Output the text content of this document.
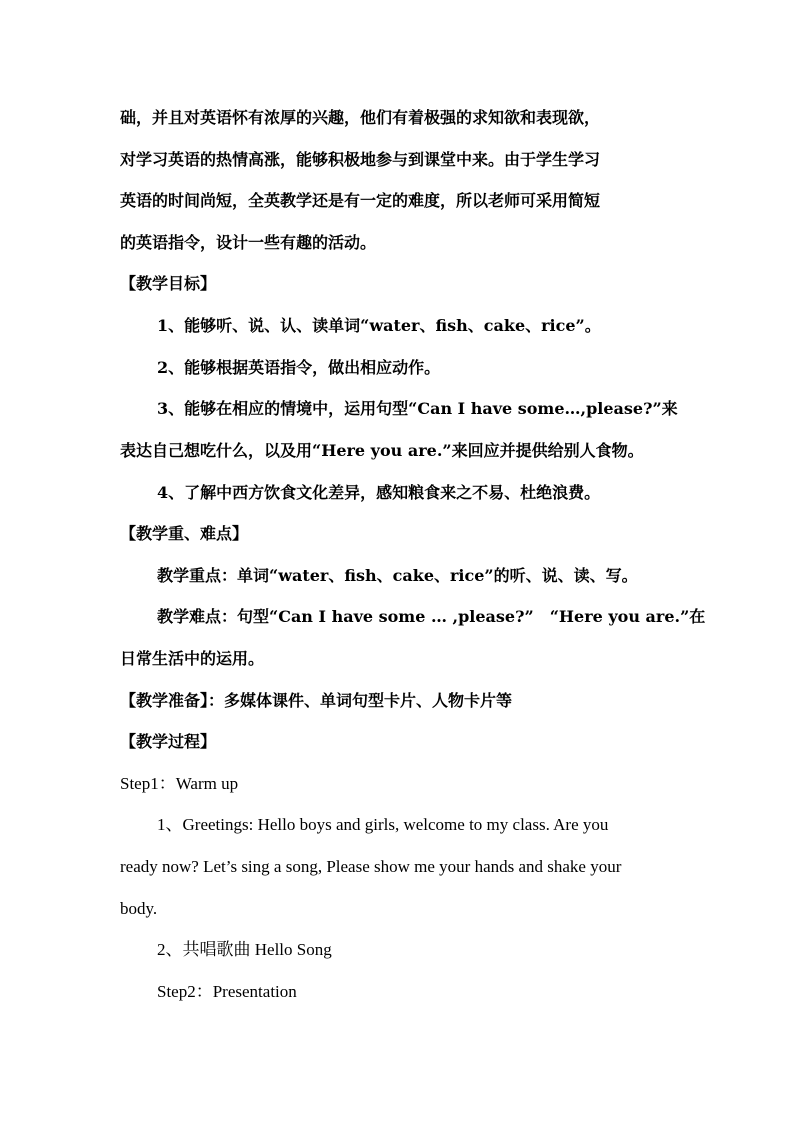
础，并且对英语怀有浓厚的兴趣，他们有着极强的求知欲和表现欲，
对学习英语的热情高涨，能够积极地参与到课堂中来。由于学生学习
英语的时间尚短，全英教学还是有一定的难度，所以老师可采用简短
的英语指令，设计一些有趣的活动。
【教学目标】
1、能够听、说、认、读单词“water、fish、cake、rice”。
2、能够根据英语指令，做出相应动作。
3、能够在相应的情境中，运用句型“Can I have some…,please?”来
表达自己想吃什么，以及用“Here you are.”来回应并提供给别人食物。
4、了解中西方饮食文化差异，感知粮食来之不易、杜绝浪费。
【教学重、难点】
教学重点：单词“water、fish、cake、rice”的听、说、读、写。
教学难点：句型“Can I have some … ,please?”　“Here you are.”在
日常生活中的运用。
【教学准备】：多媒体课件、单词句型卡片、人物卡片等
【教学过程】
Step1：Warm up
1、Greetings: Hello boys and girls, welcome to my class. Are you
ready now? Let’s sing a song, Please show me your hands and shake your
body.
2、共唱歌曲 Hello Song
Step2：Presentation
